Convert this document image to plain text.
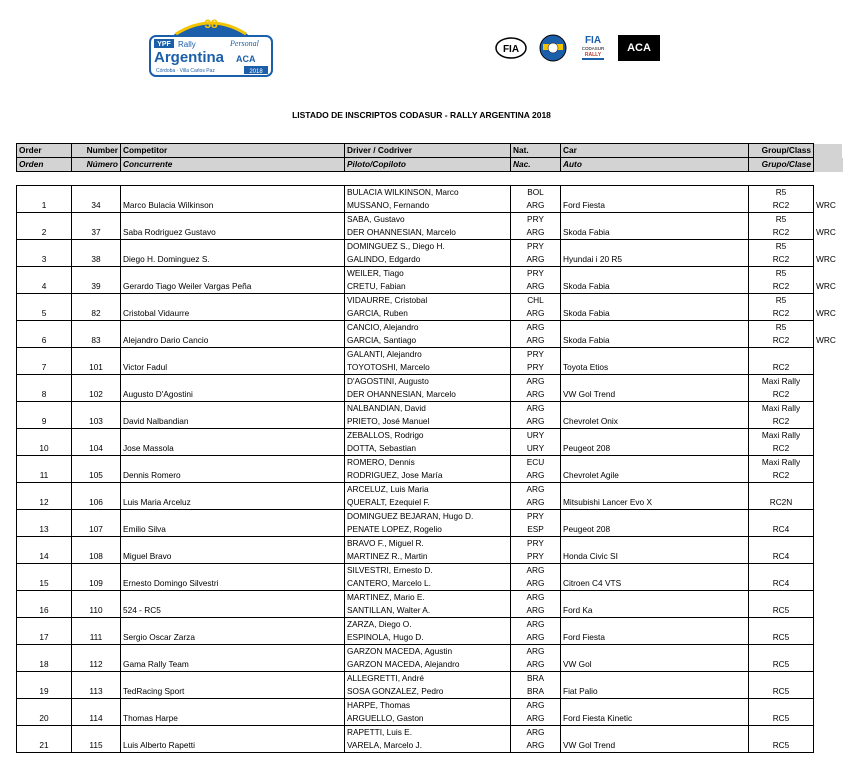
38
YPF Rally	Personal
Argentina ACA
Córdoba · Villa Carlos Paz	2018
FIA
FIA
CODASUR
RALLY
ACA
LISTADO DE INSCRIPTOS CODASUR - RALLY ARGENTINA 2018
Order	Number	Competitor	Driver / Codriver	Nat.	Car	Group/Class	
Orden	Número	Concurrente	Piloto/Copiloto	Nac.	Auto	Grupo/Clase	

			BULACIA WILKINSON, Marco	BOL		R5	
1	34	Marco Bulacia Wilkinson	MUSSANO, Fernando	ARG	Ford Fiesta	RC2	WRC
			SABA, Gustavo	PRY		R5	
2	37	Saba Rodriguez Gustavo	DER OHANNESIAN, Marcelo	ARG	Skoda Fabia	RC2	WRC
			DOMINGUEZ S., Diego H.	PRY		R5	
3	38	Diego H. Dominguez S.	GALINDO, Edgardo	ARG	Hyundai i 20 R5	RC2	WRC
			WEILER, Tiago	PRY		R5	
4	39	Gerardo Tiago Weiler Vargas Peña	CRETU, Fabian	ARG	Skoda Fabia	RC2	WRC
			VIDAURRE, Cristobal	CHL		R5	
5	82	Cristobal Vidaurre	GARCIA, Ruben	ARG	Skoda Fabia	RC2	WRC
			CANCIO, Alejandro	ARG		R5	
6	83	Alejandro Dario Cancio	GARCIA, Santiago	ARG	Skoda Fabia	RC2	WRC
			GALANTI, Alejandro	PRY			
7	101	Victor Fadul	TOYOTOSHI, Marcelo	PRY	Toyota Etios	RC2	
			D'AGOSTINI, Augusto	ARG		Maxi Rally	
8	102	Augusto D'Agostini	DER OHANNESIAN, Marcelo	ARG	VW Gol Trend	RC2	
			NALBANDIAN, David	ARG		Maxi Rally	
9	103	David Nalbandian	PRIETO, José Manuel	ARG	Chevrolet Onix	RC2	
			ZEBALLOS, Rodrigo	URY		Maxi Rally	
10	104	Jose Massola	DOTTA, Sebastian	URY	Peugeot 208	RC2	
			ROMERO, Dennis	ECU		Maxi Rally	
11	105	Dennis Romero	RODRIGUEZ, Jose María	ARG	Chevrolet Agile	RC2	
			ARCELUZ, Luis Maria	ARG			
12	106	Luis Maria Arceluz	QUERALT, Ezequiel F.	ARG	Mitsubishi Lancer Evo X	RC2N	
			DOMINGUEZ BEJARAN, Hugo D.	PRY			
13	107	Emilio Silva	PENATE LOPEZ, Rogelio	ESP	Peugeot 208	RC4	
			BRAVO F., Miguel R.	PRY			
14	108	Miguel Bravo	MARTINEZ R., Martin	PRY	Honda Civic SI	RC4	
			SILVESTRI, Ernesto D.	ARG			
15	109	Ernesto Domingo Silvestri	CANTERO, Marcelo L.	ARG	Citroen C4 VTS	RC4	
			MARTINEZ, Mario E.	ARG			
16	110	524 - RC5	SANTILLAN, Walter A.	ARG	Ford Ka	RC5	
			ZARZA, Diego O.	ARG			
17	111	Sergio Oscar Zarza	ESPINOLA, Hugo D.	ARG	Ford Fiesta	RC5	
			GARZON MACEDA, Agustin	ARG			
18	112	Gama Rally Team	GARZON MACEDA, Alejandro	ARG	VW Gol	RC5	
			ALLEGRETTI, André	BRA			
19	113	TedRacing Sport	SOSA GONZALEZ, Pedro	BRA	Fiat Palio	RC5	
			HARPE, Thomas	ARG			
20	114	Thomas Harpe	ARGUELLO, Gaston	ARG	Ford Fiesta Kinetic	RC5	
			RAPETTI, Luis E.	ARG			
21	115	Luis Alberto Rapetti	VARELA, Marcelo J.	ARG	VW Gol Trend	RC5	
